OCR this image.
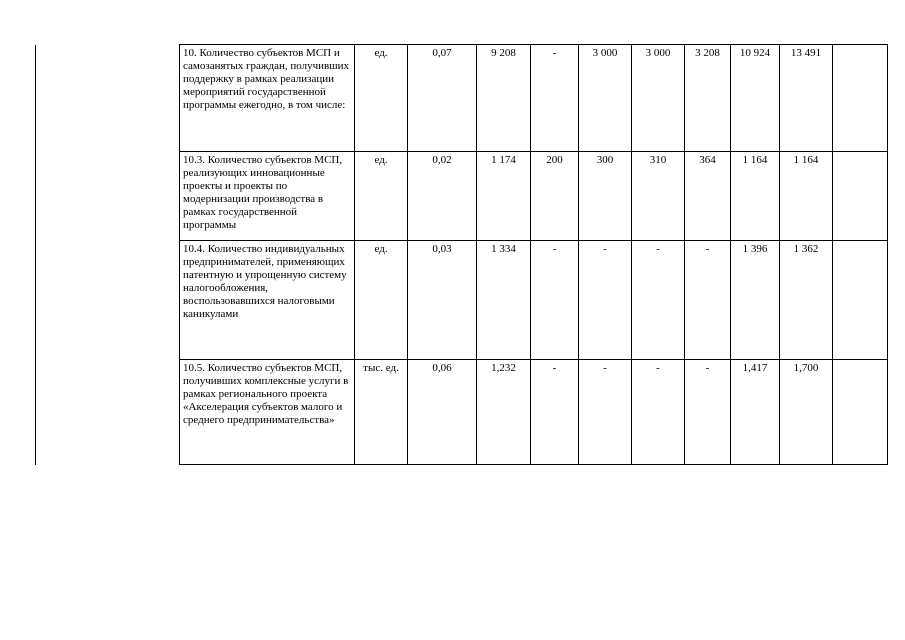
	10. Количество субъектов МСП и самозанятых граждан, получивших поддержку в рамках реализации мероприятий государственной программы ежегодно, в том числе:	ед.	0,07	9 208	-	3 000	3 000	3 208	10 924	13 491	
	10.3. Количество субъектов МСП, реализующих инновационные проекты и проекты по модернизации производства в рамках государственной программы	ед.	0,02	1 174	200	300	310	364	1 164	1 164	
	10.4. Количество индивидуальных предпринимателей, применяющих патентную и упрощенную систему налогообложения, воспользовавшихся налоговыми каникулами	ед.	0,03	1 334	-	-	-	-	1 396	1 362	
	10.5. Количество субъектов МСП, получивших комплексные услуги в рамках регионального проекта «Акселерация субъектов малого и среднего предпринимательства»	тыс. ед.	0,06	1,232	-	-	-	-	1,417	1,700	
